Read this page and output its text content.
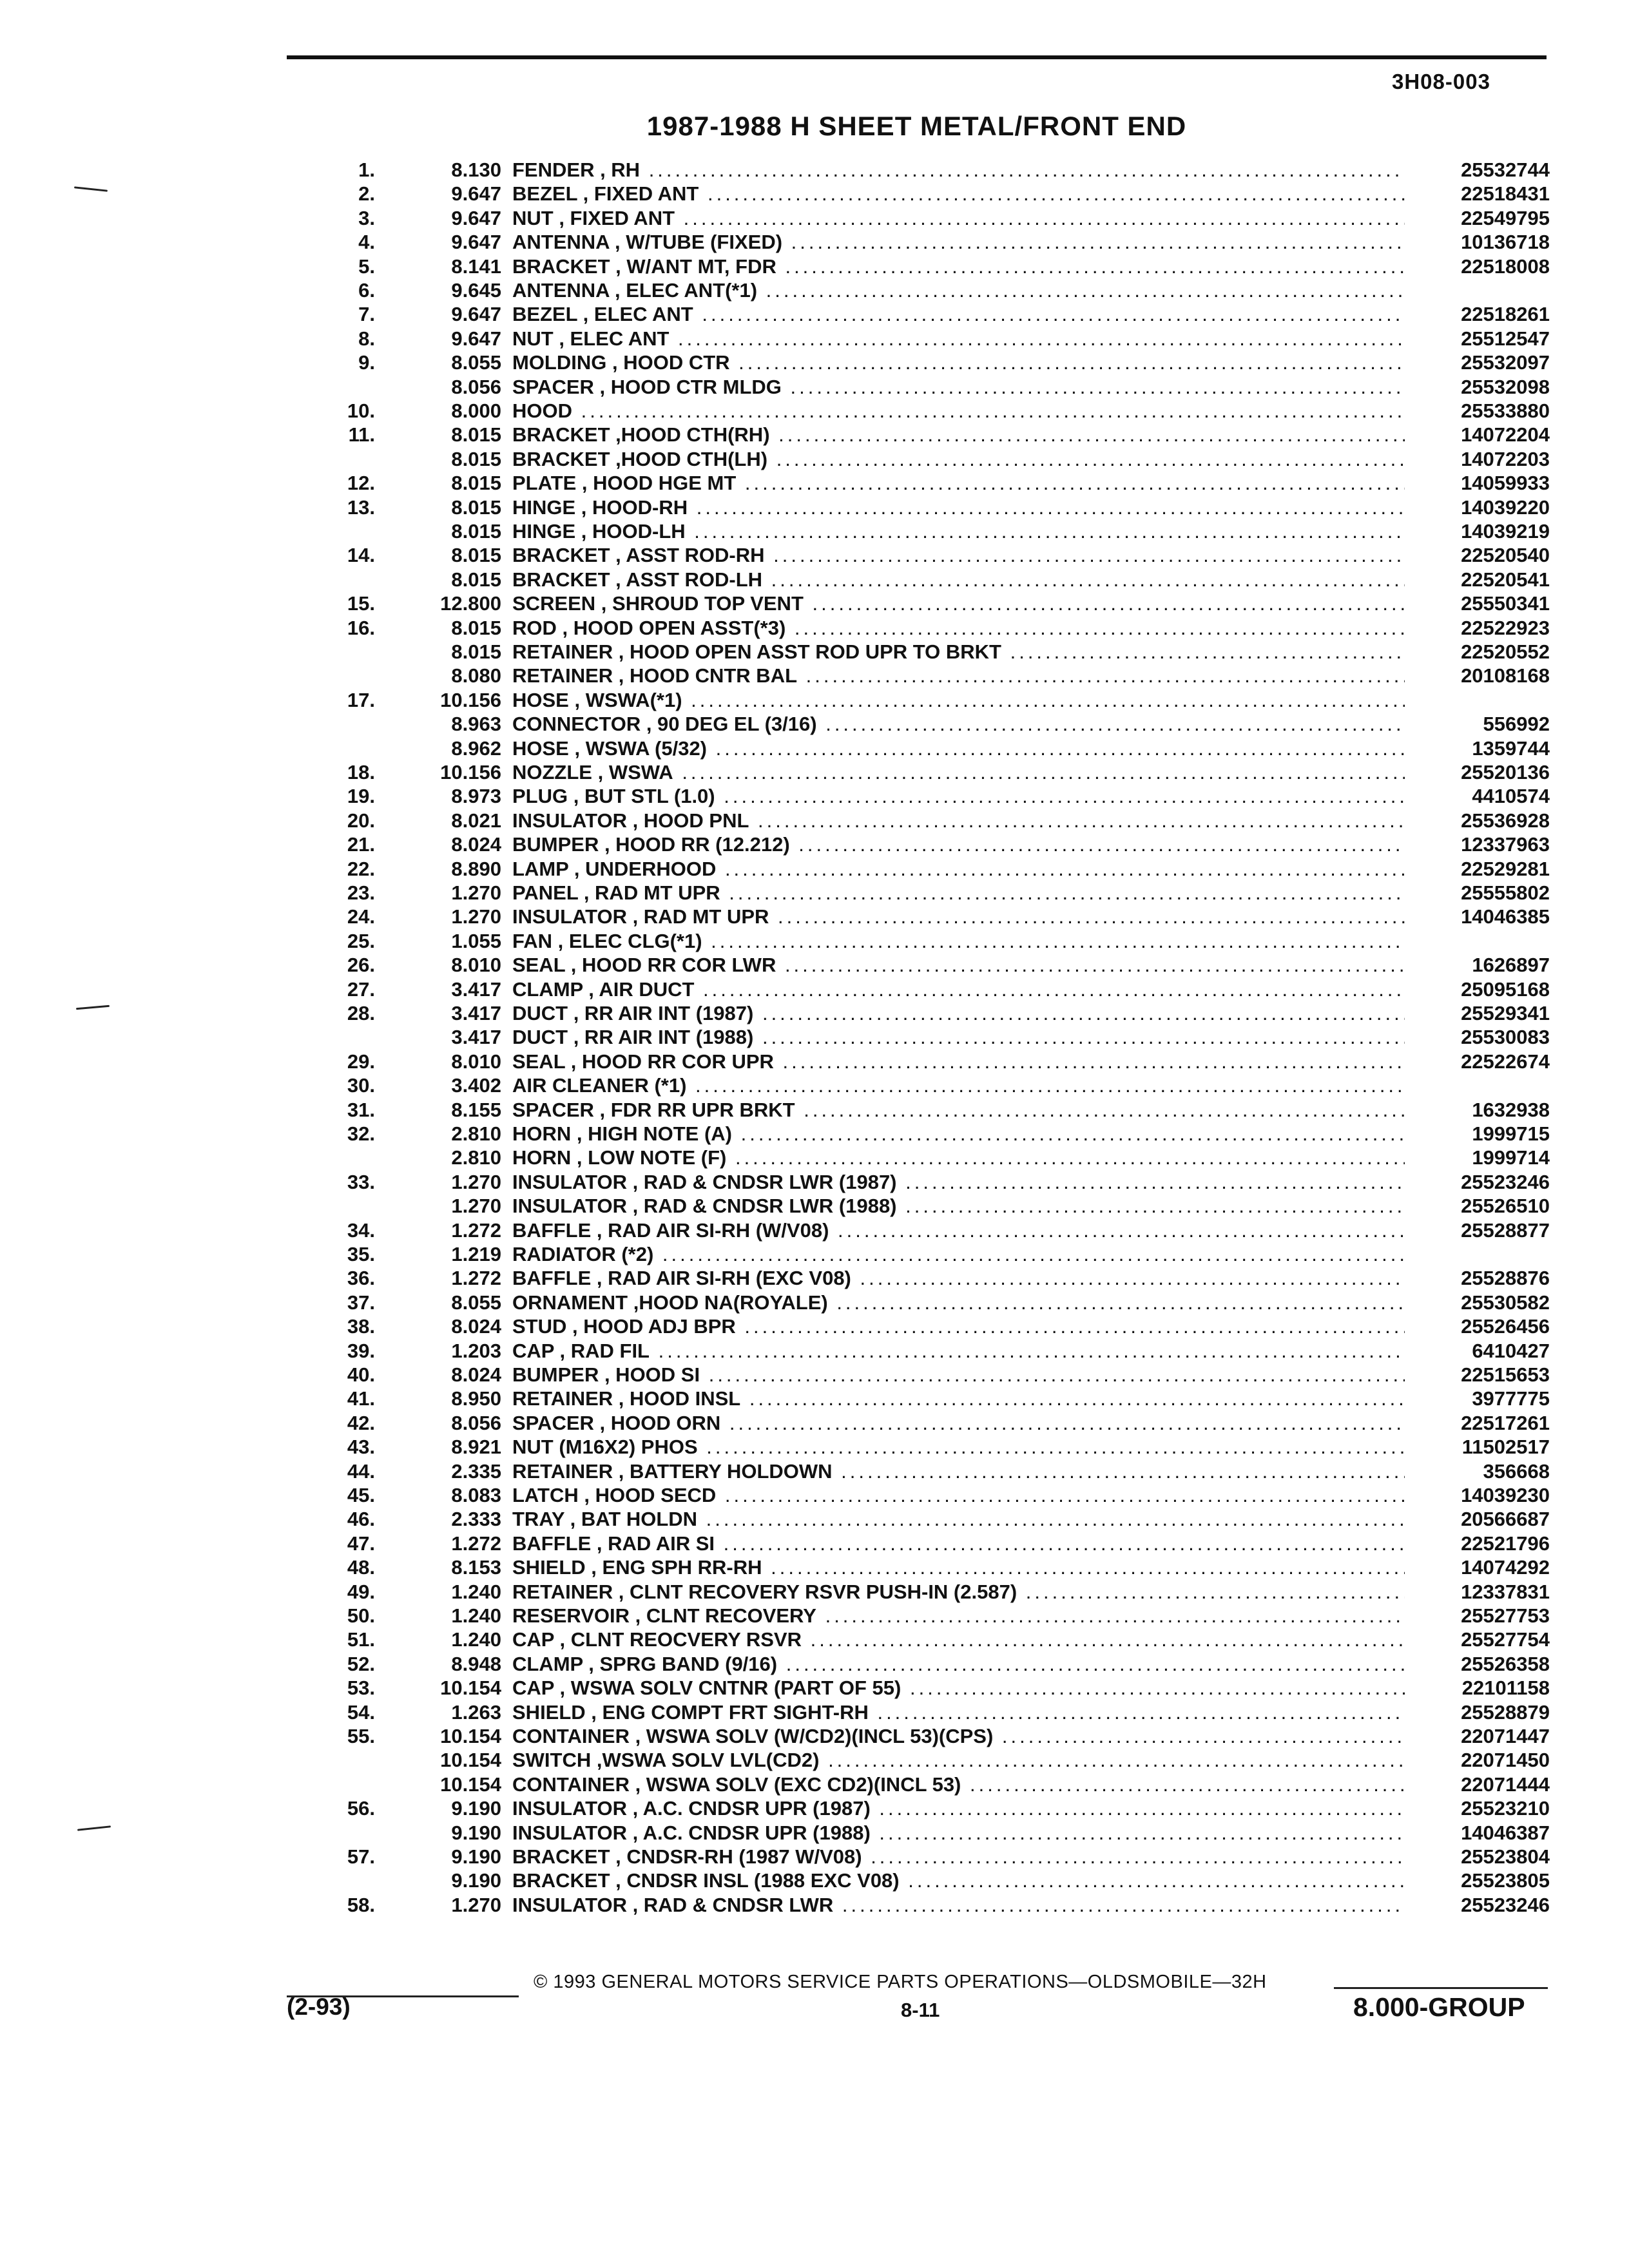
3H08-003
1987-1988 H SHEET METAL/FRONT END
1.	8.130 FENDER , RH .....	25532744
2.	9.647 BEZEL , FIXED ANT .....	22518431
3.	9.647 NUT , FIXED ANT .....	22549795
4.	9.647 ANTENNA , W/TUBE (FIXED) .....	10136718
5.	8.141 BRACKET , W/ANT MT, FDR .....	22518008
6.	9.645 ANTENNA , ELEC ANT(*1) .....
7.	9.647 BEZEL , ELEC ANT .....	22518261
8.	9.647 NUT , ELEC ANT .....	25512547
9.	8.055 MOLDING , HOOD CTR .....	25532097
8.056 SPACER , HOOD CTR MLDG .....	25532098
10.	8.000 HOOD .....	25533880
11.	8.015 BRACKET ,HOOD CTH(RH) .....	14072204
8.015 BRACKET ,HOOD CTH(LH) .....	14072203
12.	8.015 PLATE , HOOD HGE MT .....	14059933
13.	8.015 HINGE , HOOD-RH .....	14039220
8.015 HINGE , HOOD-LH .....	14039219
14.	8.015 BRACKET , ASST ROD-RH .....	22520540
8.015 BRACKET , ASST ROD-LH .....	22520541
15.	12.800 SCREEN , SHROUD TOP VENT .....	25550341
16.	8.015 ROD , HOOD OPEN ASST(*3) .....	22522923
8.015 RETAINER , HOOD OPEN ASST ROD UPR TO BRKT .....	22520552
8.080 RETAINER , HOOD CNTR BAL .....	20108168
17.	10.156 HOSE , WSWA(*1) .....
8.963 CONNECTOR , 90 DEG EL (3/16) .....	556992
8.962 HOSE , WSWA (5/32) .....	1359744
18.	10.156 NOZZLE , WSWA .....	25520136
19.	8.973 PLUG , BUT STL (1.0) .....	4410574
20.	8.021 INSULATOR , HOOD PNL .....	25536928
21.	8.024 BUMPER , HOOD RR (12.212) .....	12337963
22.	8.890 LAMP , UNDERHOOD .....	22529281
23.	1.270 PANEL , RAD MT UPR .....	25555802
24.	1.270 INSULATOR , RAD MT UPR .....	14046385
25.	1.055 FAN , ELEC CLG(*1) .....
26.	8.010 SEAL , HOOD RR COR LWR .....	1626897
27.	3.417 CLAMP , AIR DUCT .....	25095168
28.	3.417 DUCT , RR AIR INT (1987) .....	25529341
3.417 DUCT , RR AIR INT (1988) .....	25530083
29.	8.010 SEAL , HOOD RR COR UPR .....	22522674
30.	3.402 AIR CLEANER (*1) .....
31.	8.155 SPACER , FDR RR UPR BRKT .....	1632938
32.	2.810 HORN , HIGH NOTE (A) .....	1999715
2.810 HORN , LOW NOTE (F) .....	1999714
33.	1.270 INSULATOR , RAD & CNDSR LWR (1987) .....	25523246
1.270 INSULATOR , RAD & CNDSR LWR (1988) .....	25526510
34.	1.272 BAFFLE , RAD AIR SI-RH (W/V08) .....	25528877
35.	1.219 RADIATOR (*2) .....
36.	1.272 BAFFLE , RAD AIR SI-RH (EXC V08) .....	25528876
37.	8.055 ORNAMENT ,HOOD NA(ROYALE) .....	25530582
38.	8.024 STUD , HOOD ADJ BPR .....	25526456
39.	1.203 CAP , RAD FIL .....	6410427
40.	8.024 BUMPER , HOOD SI .....	22515653
41.	8.950 RETAINER , HOOD INSL .....	3977775
42.	8.056 SPACER , HOOD ORN .....	22517261
43.	8.921 NUT (M16X2) PHOS .....	11502517
44.	2.335 RETAINER , BATTERY HOLDOWN .....	356668
45.	8.083 LATCH , HOOD SECD .....	14039230
46.	2.333 TRAY , BAT HOLDN .....	20566687
47.	1.272 BAFFLE , RAD AIR SI .....	22521796
48.	8.153 SHIELD , ENG SPH RR-RH .....	14074292
49.	1.240 RETAINER , CLNT RECOVERY RSVR PUSH-IN (2.587) .....	12337831
50.	1.240 RESERVOIR , CLNT RECOVERY .....	25527753
51.	1.240 CAP , CLNT REOCVERY RSVR .....	25527754
52.	8.948 CLAMP , SPRG BAND (9/16) .....	25526358
53.	10.154 CAP , WSWA SOLV CNTNR (PART OF 55) .....	22101158
54.	1.263 SHIELD , ENG COMPT FRT SIGHT-RH .....	25528879
55.	10.154 CONTAINER , WSWA SOLV (W/CD2)(INCL 53)(CPS) .....	22071447
10.154 SWITCH ,WSWA SOLV LVL(CD2) .....	22071450
10.154 CONTAINER , WSWA SOLV (EXC CD2)(INCL 53) .....	22071444
56.	9.190 INSULATOR , A.C. CNDSR UPR (1987) .....	25523210
9.190 INSULATOR , A.C. CNDSR UPR (1988) .....	14046387
57.	9.190 BRACKET , CNDSR-RH (1987 W/V08) .....	25523804
9.190 BRACKET , CNDSR INSL (1988 EXC V08) .....	25523805
58.	1.270 INSULATOR , RAD & CNDSR LWR .....	25523246
© 1993 GENERAL MOTORS SERVICE PARTS OPERATIONS—OLDSMOBILE—32H
(2-93)	8-11	8.000-GROUP
